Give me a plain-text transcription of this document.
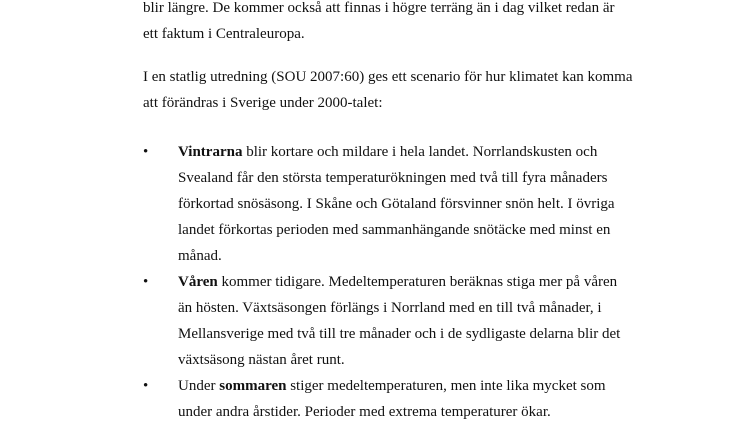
blir längre. De kommer också att finnas i högre terräng än i dag vilket redan är ett faktum i Centraleuropa.

I en statlig utredning (SOU 2007:60) ges ett scenario för hur klimatet kan komma att förändras i Sverige under 2000-talet:

•	Vintrarna blir kortare och mildare i hela landet. Norrlandskusten och Svealand får den största temperaturökningen med två till fyra månaders förkortad snösäsong. I Skåne och Götaland försvinner snön helt. I övriga landet förkortas perioden med sammanhängande snötäcke med minst en månad.
•	Våren kommer tidigare. Medeltemperaturen beräknas stiga mer på våren än hösten. Växtsäsongen förlängs i Norrland med en till två månader, i Mellansverige med två till tre månader och i de sydligaste delarna blir det växtsäsong nästan året runt.
•	Under sommaren stiger medeltemperaturen, men inte lika mycket som under andra årstider. Perioder med extrema temperaturer ökar.
